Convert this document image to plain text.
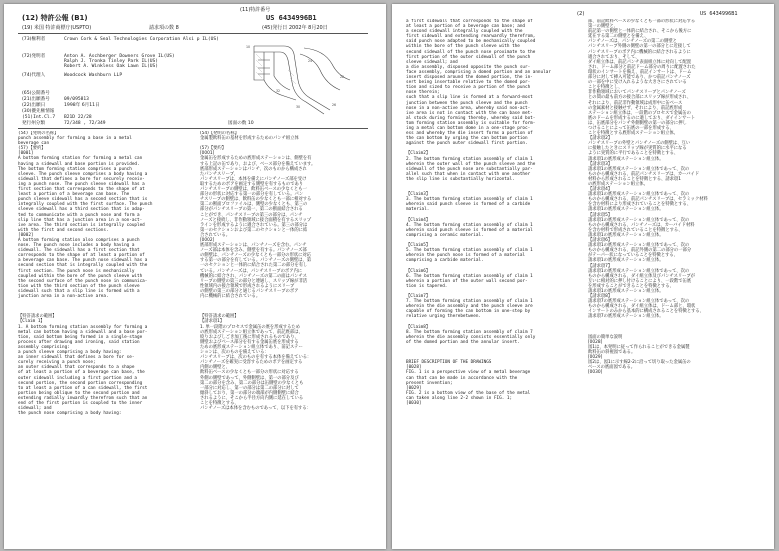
(11)特許番号
(12) 特許公報 (B1)	US 6434996B1
(19) 米国 特許商標庁(USPTO)	請求項の数 8	(45)発行日 2002年 8月20日
(73)権利者	Crown Cork & Seal Technologies Corporation Alsi p IL(US)
(72)発明者	Anton A. Aschberger Downers Grove IL(US)
Ralph J. Tronka Tinley Park IL(US)
Robert A. Winkless Oak Lawn IL(US)
(74)代理人	Woodcock Washburn LLP
(65)公開番号
(21)出願番号	09/095813
(22)出願日	1998年 6月11日
(30)優先権情報
(51)Int.Cl.7 B21D 22/28
発行州分類	72/348 , 72/349	図面の数 10
10
22
24
26
30
32
(54)【発明の名称】
punch assembly for forming a base in a metal
beverage can
(57)【要約】
[0001]
A bottom forming station for forming a metal can
having a sidewall and base portion is provided.
The bottom forming station comprises a punch
sleeve. The punch sleeve comprises a body having a
sidewall that defines a bore for securely receiv-
ing a punch nose. The punch sleeve sidewall has a
first section that corresponds to the shape of at
least a portion of a beverage can base. The
punch sleeve sidewall has a second section that is
integrally coupled with the first surface. The punch
sleeve sidewall has a third section that is adap-
ted to communicate with a punch nose and form a
slip line that has a junction area in a non-act-
ive area. The third section is integrally coupled
with the first and second sections.
[0002]
A bottom forming station also comprises a punch
nose. The punch nose includes a body having a
sidewall. The sidewall has a first section that
corresponds to the shape of at least a portion of
a beverage can base. The punch nose sidewall has a
second section that is integrally coupled with the
first section. The punch nose is mechanically
coupled within the bore of the punch sleeve with
the second surface of the punch nose in communica-
tion with the third section of the punch sleeve
sidewall such that a slip line is formed with a
junction area in a non-active area.

【特許請求の範囲】
【Claim 1】
1. A bottom forming station assembly for forming a
metal can bottom having a sidewall and a base por-
tion, said bottom being formed in a single-stage
process after drawing and ironing, said station
assembly comprising:
a punch sleeve comprising a body having:
an inner sidewall that defines a bore for se-
curely receiving a punch nose;
an outer sidewall that corresponds to a shape
of at least a portion of a beverage can base, the
outer sidewall including a first portion and a
second portion, the second portion corresponding
to at least a portion of a can sidewall, the first
portion being oblique to the second portion and
extending radially inwardly therefrom such that an
end of the first portion is coupled to the inner
sidewall; and
the punch nose comprising a body having:
(54)【発明の名称】
金属製飲料缶の基材を形成するためのパンチ組立体

(57)【要約】
[0001]
金属缶を形成するための底形成ステーションは、側壁を有
する上記の缶であり、および、ベース部分を備えています。
底部形成ステーションはパンチ、次のものから構成され
たパンチスリーブ、
パンチスリーブは、本体を備えにパンチノーズ部を受け
取するためのボアを画定する側壁を有するものであり
パンチスリーブの側壁は、飲料缶ベースの少なくとも一
部分の形状に対応する第一の部分を有している。パン
チスリーブの側壁は、飲料缶の少なくとも一部に相対する
第二の断面プロファイルは、側壁の少なくとも、第三の
部分がパンチスリーブの第一、第二の断面結合される
ことができ、パンチスリーブの第三の部分は、パンチ
ノーズと接続し、非作動領域に接合面積を有するスリップ
ラインを形成するように適合されている。第三の部分は
第一のセクションおよび第二のセクションと一体的に結
合されている。
[0002]
底部形成ステーションは、パンチノーズを含む。パンチ
ノーズ部は本体を含み、側壁を有する。パンチノーズ部
の側壁は、パンチノーズの少なくとも一部分の形状に対応
する第一の部分を有している。パンチノーズの側壁は、第
一のセクションと一体的に結合された第二の部分を有し
ている。パンチノーズは、パンチスリーブのボア内に
機械的に結合され、パンチノーズの第二の面はパンチス
リーブの側壁の第三の部分と連通し、スリップ線が非活
性領域内の接合領域で形成されるようにスリーブ
の側壁の第三の部分と通じるパンチスリーブのボア
内に機械的に結合されている。

【特許請求の範囲】
【請求項1】
1. 単一段階のプロセスで金属缶の底を形成するため
の底形成ステーション組立体であって、前記底部は、
絞りおよびしごき加工後に形成されるものであり、
側壁およびベース部分を有する金属缶底を形成する
ための底形成ステーション組立体であり、前記ステー
ションは、次のものを備えている：
パンチスリーブは、次のものを有する本体を備えている：
パンチノーズを確実に受容するためのボアを画定する
内側の側壁と、
飲料缶ベースの少なくとも一部分の形状に対応する
外側の側壁であって、外側側壁は、第一の部分及び
第二の部分を含み、第二の部分は缶側壁の少なくとも
一部分に対応し、第一の部分は第二の部分に対して
傾斜しており、第一の部分の端部が内側側壁に結合
されるように、そこから半径方向内側に延在している
ことを特徴とする、
パンチノーズは本体を含むものであって、以下を有する：
(2)	US 6434996B1
a first sidewall that corresponds to the shape of
at least a portion of a beverage can base; and
a second sidewall integrally coupled with the
first sidewall and extending rearwardly therefrom,
said punch nose adapted to be mechanically coupled
within the bore of the punch sleeve with the
second sidewall of the punch nose proximate to the
first portion of the outer sidewall of the punch
sleeve sidewall; and
a die assembly, disposed opposite the punch sur-
face assembly, comprising a domed portion and an annular
insert disposed around the domed portion, the in-
sert being insertable relative to the domed por-
tion and sized to receive a portion of the punch
nose therein;
such that a slip line is formed at a forward-most
junction between the punch sleeve and the punch
nose in a non-active area, whereby said non-act-
ive area is not in contact with the can base met-
al stock during forming thereby, whereby said bot-
tom forming station assembly is suitable for form-
ing a metal can bottom dome in a one-stage proc-
ess and whereby the die insert forms a portion of
the can bottom by urging the can bottom portion
against the punch outer sidewall first portion.

【Claim2】
2. The bottom forming station assembly of claim 1
wherein the outer wall of the punch sleeve and the
sidewall of the punch nose are substantially par-
allel such that when in contact with one another
the slip line is substantially horizontal.

【Claim3】
3. The bottom forming station assembly of claim 1
wherein said punch sleeve is formed of a carbide
material.

【Claim4】
4. The bottom forming station assembly of claim 1
wherein said punch sleeve is formed of a material
comprising a ceramic material.

【Claim5】
5. The bottom forming station assembly of claim 1
wherein the punch nose is formed of a material
comprising a carbide material.

【Claim6】
6. The bottom forming station assembly of claim 1
wherein a portion of the outer wall second por-
tion is tapered.

【Claim7】
7. The bottom forming station assembly of claim 1
wherein the die assembly and the punch sleeve are
capable of forming the can bottom in one-step by
relative urging therebetween.

【Claim8】
8. The bottom forming station assembly of claim 7
wherein the die assembly consists essentially only
of the domed portion and the annular insert.

BRIEF DESCRIPTION OF THE DRAWINGS
[0028]
FIG. 1 is a perspective view of a metal beverage
can that can be made in accordance with the
present invention;
[0029]
FIG. 2 is a bottom view of the base of the metal
can taken along line 2-2 shown in FIG. 1;
[0030]
部、前記飲料ベースの少なくとも一部の形状に対応する
第一の側壁と、
前記第一の側壁と一体的に結合され、そこから後方に
延在する第二の側壁とを備え、
パンチノーズは、パンチノーズの第二の側壁と
パンチスリーブ外側の側壁の第一の部分とに近接して
パンチスリーブのボア内に機械的に結合されるように
適合されており、そして、
ダイ組立体は、前記パンチ表面組立体に対向して配置
され、ドーム部分と前記ドーム部分の周りに配置された
環状のインサートを備え、前記インサートは、ドーム
部分に対して挿入可能であり、かつ前記パンチノーズ
の一部を中に受け入れるような大きさにされている
ことを特徴とし、
非作動領域においてパンチスリーブとパンチノーズ
との間の最も前方の接合部にスリップ線が形成され、
それにより、前記非作動領域は成形中に缶ベース
の金属素材と接触せず、それにより、前記底形成
ステーション組立体は、一段階のプロセスで金属缶の
底のドームを形成するのに適しており、ダイインサート
は、缶底部分をパンチ外側側壁の第一の部分に押し
つけることによって缶底の一部を形成する、
ことを特徴とする底形成ステーション組立体。
【請求項2】
パンチスリーブの外壁とパンチノーズの側壁は、互い
に接触したときにスリップ線が実質的に水平になる
ように実質的に平行であることを特徴とする、
請求項1の底形成ステーション組立体。
【請求項3】
請求項1の底形成ステーション組立体であって、次の
ものから構成される、前記パンチスリーブは、カーバイド
材料から形成されることを特徴とする、請求項1
の底形成ステーション組立体。
【請求項4】
請求項1の底形成ステーション組立体であって、次の
ものから構成される、前記パンチスリーブは、セラミック材料
を含む材料により形成されていることを特徴とする、
請求項1の底形成ステーション組立体。
【請求項5】
請求項1の底形成ステーション組立体であって、次の
ものから構成される、パンチノーズは、カーバイド材料
を含む材料で形成されていることを特徴とする、
請求項1の底形成ステーション組立体。
【請求項6】
請求項1の底形成ステーション組立体であって、次の
ものから構成される、前記外側の第二の部分の一部分
がテーパー状になっていることを特徴とする、
請求項1の底形成ステーション組立体。
【請求項7】
請求項1の底形成ステーション組立体であって、次の
ものから構成される、ダイ組立体及びパンチスリーブが
互いに相対的に押し付けることにより、一段階で缶底
を形成することができることを特徴とする、
請求項1の底形成ステーション組立体。
【請求項8】
請求項7の底形成ステーション組立体であって、次の
ものから構成される、ダイ組立体は、ドーム部と、環状
インサートのみから基本的に構成されることを特徴とする、
請求項7の底形成ステーション組立体。

図面の簡単な説明
[0028]
図1は、本発明に従って作られることができる金属製
飲料缶の斜視図である。
[0029]
図2は、図1に示す線2-2に沿って切り取った金属缶の
ベースの底面図である。
[0030]
